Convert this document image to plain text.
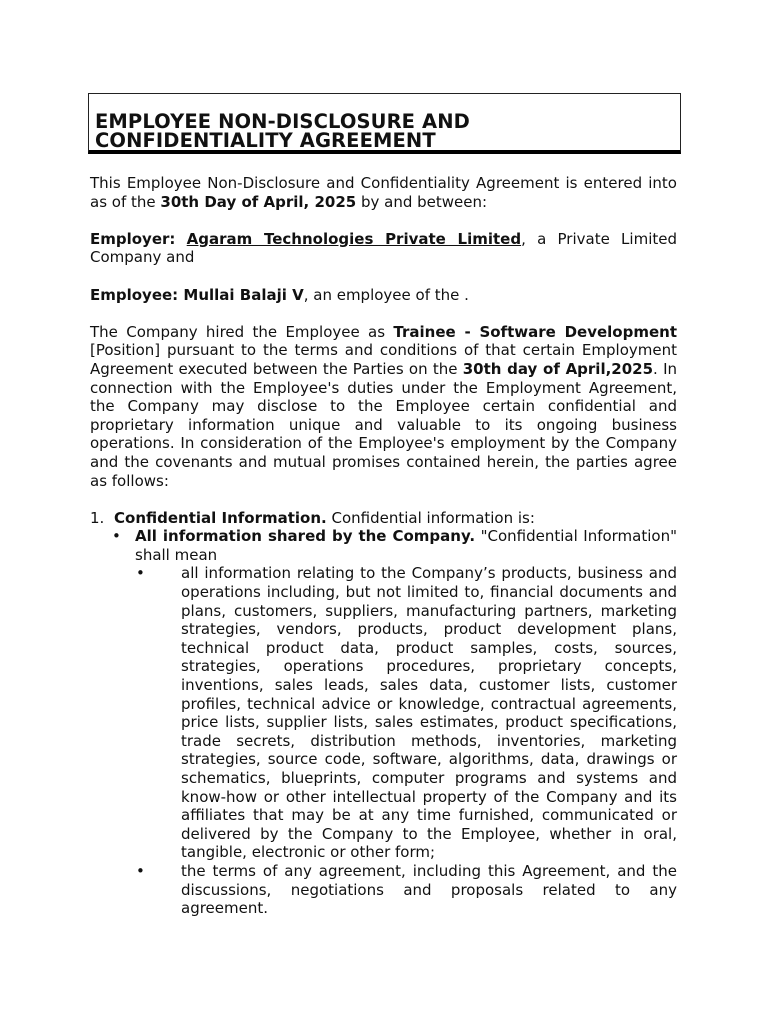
EMPLOYEE NON-DISCLOSURE AND
CONFIDENTIALITY AGREEMENT

This Employee Non-Disclosure and Confidentiality Agreement is entered into as of the 30th Day of April, 2025 by and between:

Employer: Agaram Technologies Private Limited, a Private Limited Company and

Employee: Mullai Balaji V, an employee of the .

The Company hired the Employee as Trainee - Software Development [Position] pursuant to the terms and conditions of that certain Employment Agreement executed between the Parties on the 30th day of April,2025. In connection with the Employee's duties under the Employment Agreement, the Company may disclose to the Employee certain confidential and proprietary information unique and valuable to its ongoing business operations. In consideration of the Employee's employment by the Company and the covenants and mutual promises contained herein, the parties agree as follows:

1. Confidential Information. Confidential information is:

• All information shared by the Company. "Confidential Information" shall mean

• all information relating to the Company’s products, business and operations including, but not limited to, financial documents and plans, customers, suppliers, manufacturing partners, marketing strategies, vendors, products, product development plans, technical product data, product samples, costs, sources, strategies, operations procedures, proprietary concepts, inventions, sales leads, sales data, customer lists, customer profiles, technical advice or knowledge, contractual agreements, price lists, supplier lists, sales estimates, product specifications, trade secrets, distribution methods, inventories, marketing strategies, source code, software, algorithms, data, drawings or schematics, blueprints, computer programs and systems and know-how or other intellectual property of the Company and its affiliates that may be at any time furnished, communicated or delivered by the Company to the Employee, whether in oral, tangible, electronic or other form;

• the terms of any agreement, including this Agreement, and the discussions, negotiations and proposals related to any agreement.
